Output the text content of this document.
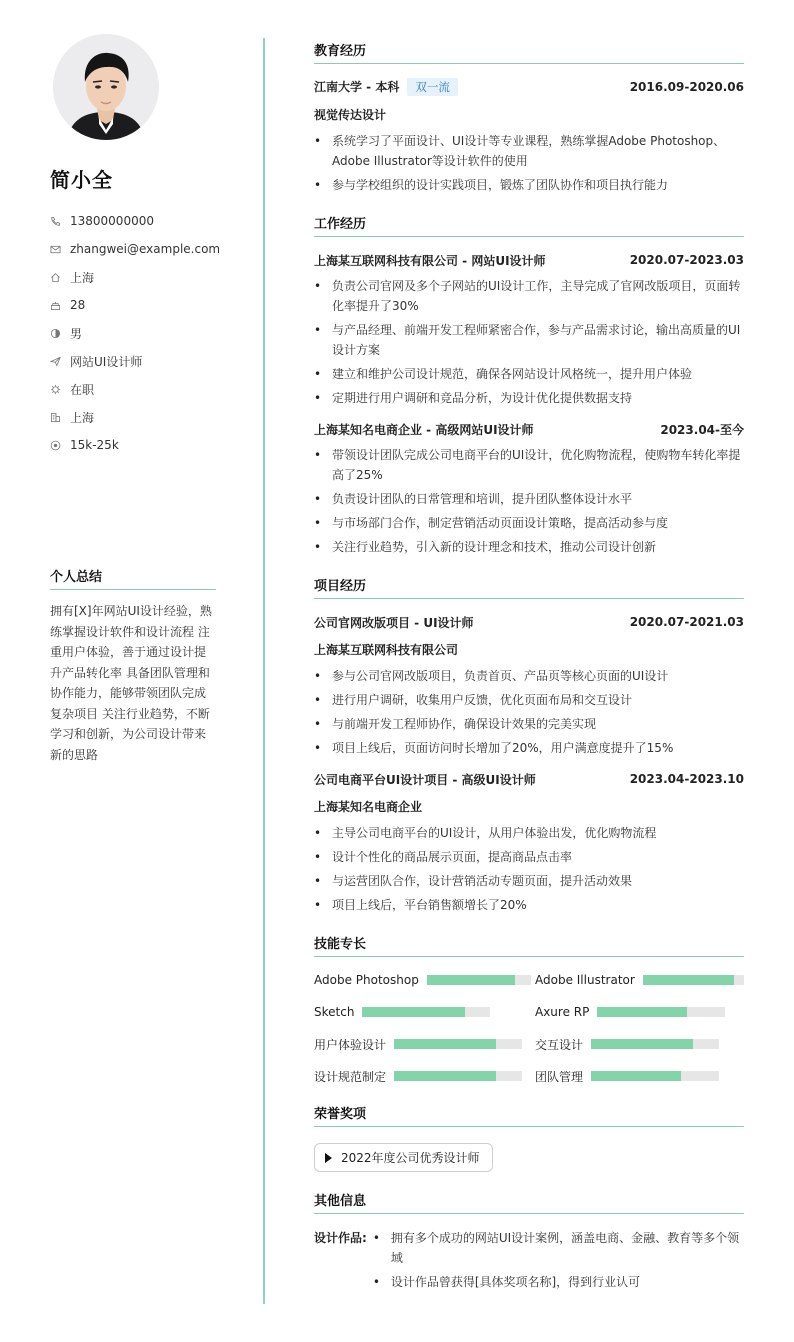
简小全
13800000000
zhangwei@example.com
上海
28
男
网站UI设计师
在职
上海
15k-25k
个人总结
拥有[X]年网站UI设计经验，熟练掌握设计软件和设计流程 注重用户体验，善于通过设计提升产品转化率 具备团队管理和协作能力，能够带领团队完成复杂项目 关注行业趋势，不断学习和创新，为公司设计带来新的思路
教育经历
江南大学 - 本科 双一流	2016.09-2020.06
视觉传达设计
• 系统学习了平面设计、UI设计等专业课程，熟练掌握Adobe Photoshop、Adobe Illustrator等设计软件的使用
• 参与学校组织的设计实践项目，锻炼了团队协作和项目执行能力
工作经历
上海某互联网科技有限公司 - 网站UI设计师	2020.07-2023.03
• 负责公司官网及多个子网站的UI设计工作，主导完成了官网改版项目，页面转化率提升了30%
• 与产品经理、前端开发工程师紧密合作，参与产品需求讨论，输出高质量的UI设计方案
• 建立和维护公司设计规范，确保各网站设计风格统一，提升用户体验
• 定期进行用户调研和竞品分析，为设计优化提供数据支持
上海某知名电商企业 - 高级网站UI设计师	2023.04-至今
• 带领设计团队完成公司电商平台的UI设计，优化购物流程，使购物车转化率提高了25%
• 负责设计团队的日常管理和培训，提升团队整体设计水平
• 与市场部门合作，制定营销活动页面设计策略，提高活动参与度
• 关注行业趋势，引入新的设计理念和技术，推动公司设计创新
项目经历
公司官网改版项目 - UI设计师	2020.07-2021.03
上海某互联网科技有限公司
• 参与公司官网改版项目，负责首页、产品页等核心页面的UI设计
• 进行用户调研，收集用户反馈，优化页面布局和交互设计
• 与前端开发工程师协作，确保设计效果的完美实现
• 项目上线后，页面访问时长增加了20%，用户满意度提升了15%
公司电商平台UI设计项目 - 高级UI设计师	2023.04-2023.10
上海某知名电商企业
• 主导公司电商平台的UI设计，从用户体验出发，优化购物流程
• 设计个性化的商品展示页面，提高商品点击率
• 与运营团队合作，设计营销活动专题页面，提升活动效果
• 项目上线后，平台销售额增长了20%
技能专长
Adobe Photoshop	Adobe Illustrator
Sketch	Axure RP
用户体验设计	交互设计
设计规范制定	团队管理
荣誉奖项
2022年度公司优秀设计师
其他信息
设计作品:
•	拥有多个成功的网站UI设计案例，涵盖电商、金融、教育等多个领域
• 设计作品曾获得[具体奖项名称]，得到行业认可
